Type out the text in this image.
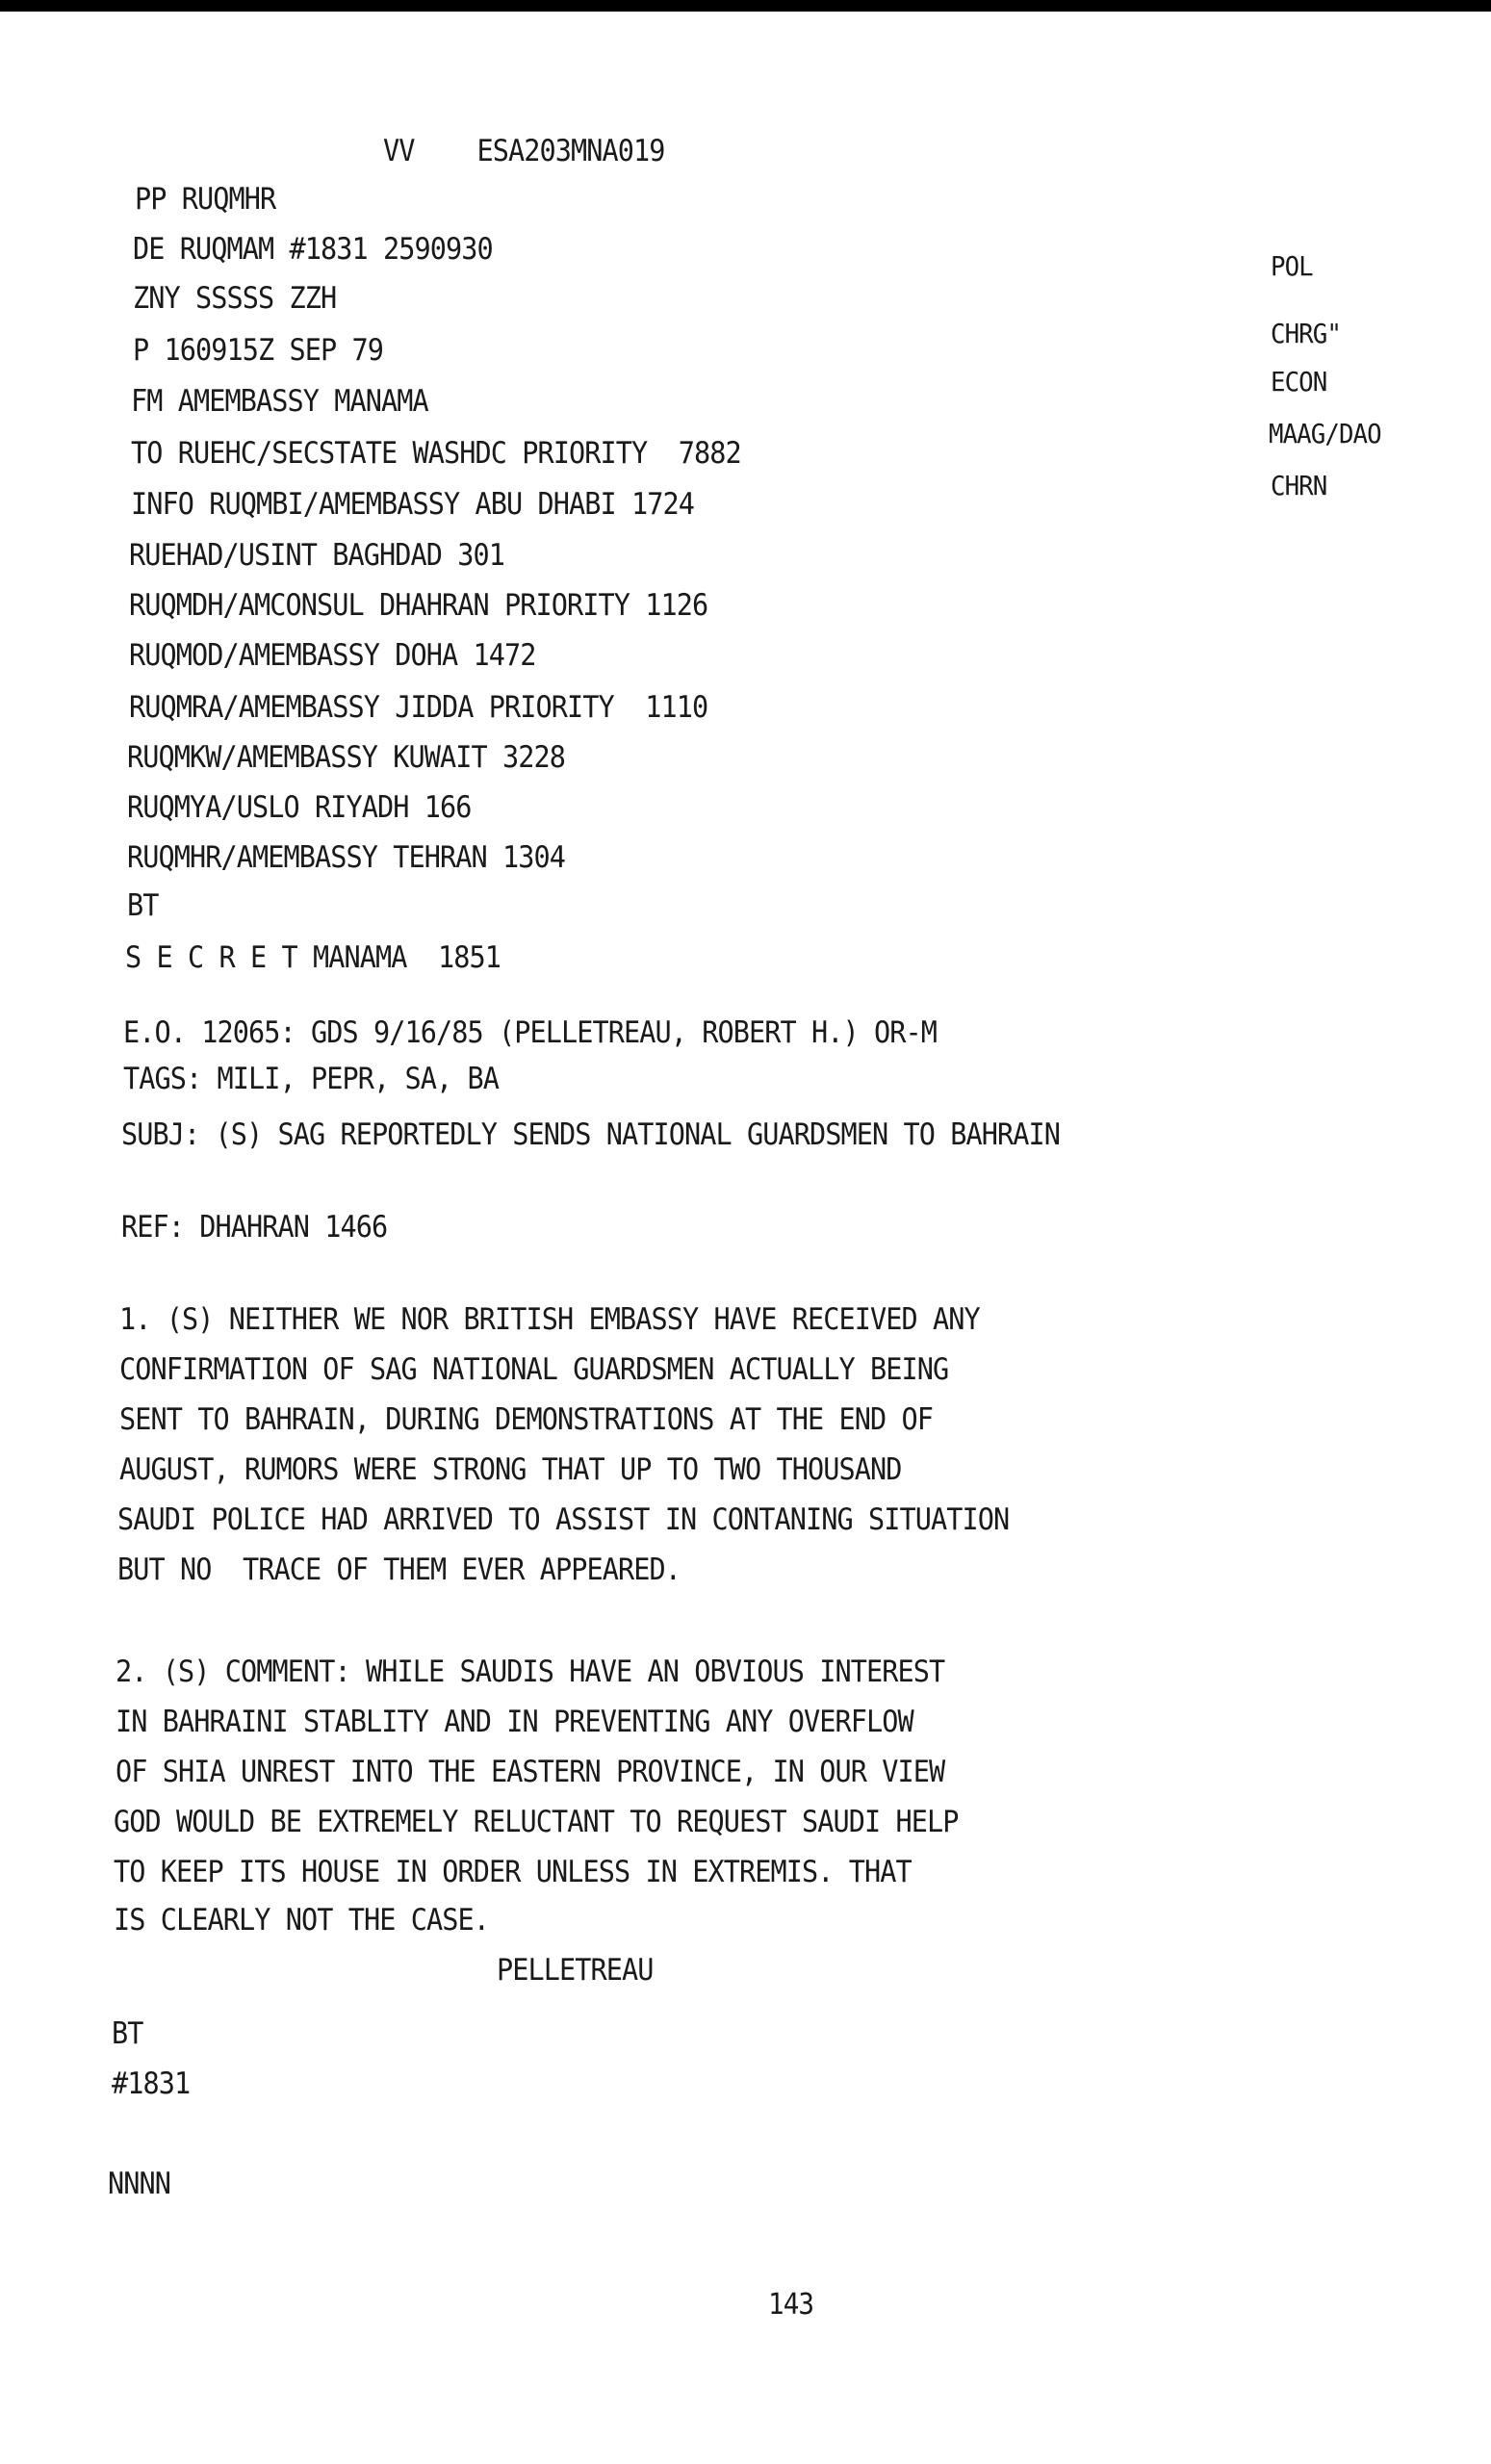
VV    ESA203MNA019
PP RUQMHR
DE RUQMAM #1831 2590930
ZNY SSSSS ZZH
P 160915Z SEP 79
FM AMEMBASSY MANAMA
TO RUEHC/SECSTATE WASHDC PRIORITY  7882
INFO RUQMBI/AMEMBASSY ABU DHABI 1724
RUEHAD/USINT BAGHDAD 301
RUQMDH/AMCONSUL DHAHRAN PRIORITY 1126
RUQMOD/AMEMBASSY DOHA 1472
RUQMRA/AMEMBASSY JIDDA PRIORITY  1110
RUQMKW/AMEMBASSY KUWAIT 3228
RUQMYA/USLO RIYADH 166
RUQMHR/AMEMBASSY TEHRAN 1304
BT
POL
CHRG"
ECON
MAAG/DAO
CHRN
S E C R E T MANAMA  1851
E.O. 12065: GDS 9/16/85 (PELLETREAU, ROBERT H.) OR-M
TAGS: MILI, PEPR, SA, BA
SUBJ: (S) SAG REPORTEDLY SENDS NATIONAL GUARDSMEN TO BAHRAIN
REF: DHAHRAN 1466
1. (S) NEITHER WE NOR BRITISH EMBASSY HAVE RECEIVED ANY
CONFIRMATION OF SAG NATIONAL GUARDSMEN ACTUALLY BEING
SENT TO BAHRAIN, DURING DEMONSTRATIONS AT THE END OF
AUGUST, RUMORS WERE STRONG THAT UP TO TWO THOUSAND
SAUDI POLICE HAD ARRIVED TO ASSIST IN CONTANING SITUATION
BUT NO  TRACE OF THEM EVER APPEARED.
2. (S) COMMENT: WHILE SAUDIS HAVE AN OBVIOUS INTEREST
IN BAHRAINI STABLITY AND IN PREVENTING ANY OVERFLOW
OF SHIA UNREST INTO THE EASTERN PROVINCE, IN OUR VIEW
GOD WOULD BE EXTREMELY RELUCTANT TO REQUEST SAUDI HELP
TO KEEP ITS HOUSE IN ORDER UNLESS IN EXTREMIS. THAT
IS CLEARLY NOT THE CASE.
PELLETREAU
BT
#1831
NNNN
143
